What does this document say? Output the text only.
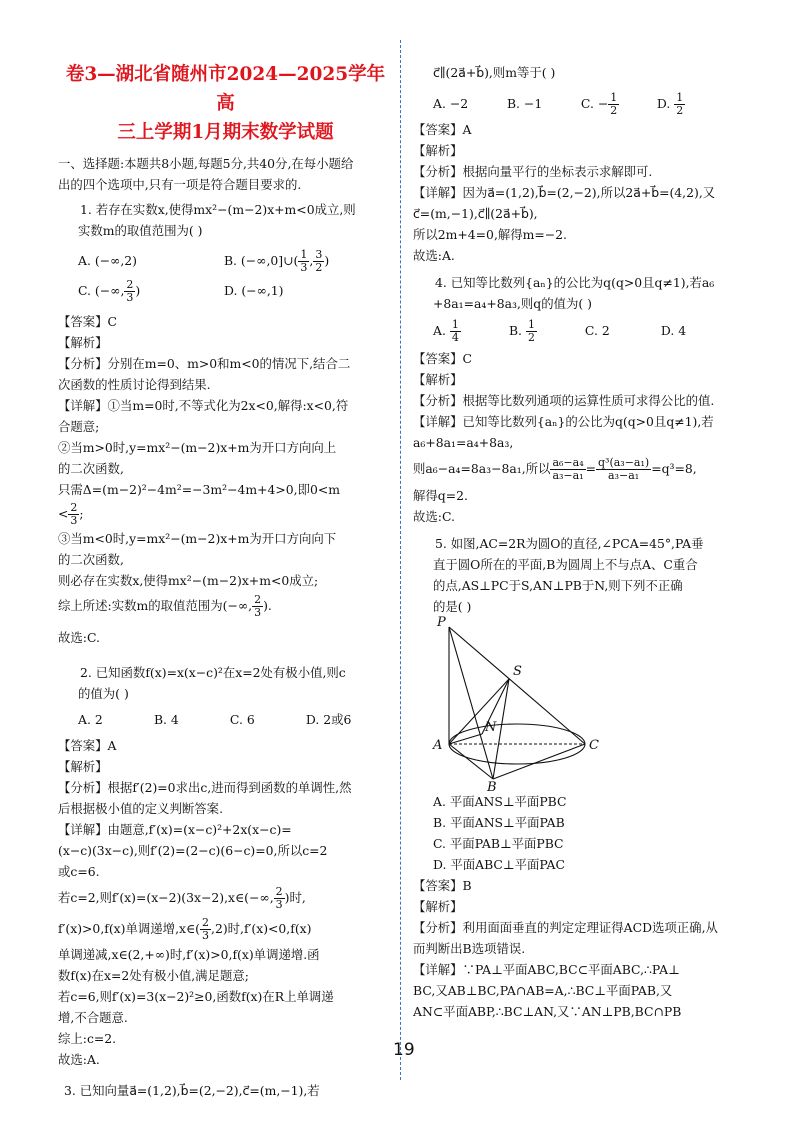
卷3—湖北省随州市2024—2025学年高
三上学期1月期末数学试题
一、选择题:本题共8小题,每题5分,共40分,在每小题给
出的四个选项中,只有一项是符合题目要求的.
1. 若存在实数x,使得mx²−(m−2)x+m<0成立,则
实数m的取值范围为( )
A. (−∞,2)	B. (−∞,0]∪( $\frac{1}{3}$ , $\frac{3}{2}$ )
C. (−∞, $\frac{2}{3}$ )	D. (−∞,1)
【答案】C
【解析】
【分析】分别在m=0、m>0和m<0的情况下,结合二
次函数的性质讨论得到结果.
【详解】①当m=0时,不等式化为2x<0,解得:x<0,符
合题意;
②当m>0时,y=mx²−(m−2)x+m为开口方向向上
的二次函数,
只需Δ=(m−2)²−4m²=−3m²−4m+4>0,即0<m
< $\frac{2}{3}$ ;
③当m<0时,y=mx²−(m−2)x+m为开口方向向下
的二次函数,
则必存在实数x,使得mx²−(m−2)x+m<0成立;
综上所述:实数m的取值范围为(−∞, $\frac{2}{3}$ ).
故选:C.
2. 已知函数f(x)=x(x−c)²在x=2处有极小值,则c
的值为( )
A. 2	B. 4	C. 6	D. 2或6
【答案】A
【解析】
【分析】根据f′(2)=0求出c,进而得到函数的单调性,然
后根据极小值的定义判断答案.
【详解】由题意,f′(x)=(x−c)²+2x(x−c)=
(x−c)(3x−c),则f′(2)=(2−c)(6−c)=0,所以c=2
或c=6.
若c=2,则f′(x)=(x−2)(3x−2),x∈(−∞, $\frac{2}{3}$ )时,
f′(x)>0,f(x)单调递增,x∈( $\frac{2}{3} ,2$)时,f′(x)<0,f(x)
单调递减,x∈(2,+∞)时,f′(x)>0,f(x)单调递增.函
数f(x)在x=2处有极小值,满足题意;
若c=6,则f′(x)=3(x−2)²≥0,函数f(x)在R上单调递
增,不合题意.
综上:c=2.
故选:A.
3. 已知向量a⃗=(1,2),b⃗=(2,−2),c⃗=(m,−1),若
c⃗∥(2a⃗+b⃗),则m等于( )
A. −2	B. −1	C. − $\frac{1}{2}$	D. $\frac{1}{2}$
【答案】A
【解析】
【分析】根据向量平行的坐标表示求解即可.
【详解】因为a⃗=(1,2),b⃗=(2,−2),所以2a⃗+b⃗=(4,2),又
c⃗=(m,−1),c⃗∥(2a⃗+b⃗),
所以2m+4=0,解得m=−2.
故选:A.
4. 已知等比数列{aₙ}的公比为q(q>0且q≠1),若a₆
+8a₁=a₄+8a₃,则q的值为( )
A. $\frac{1}{4}$	B. $\frac{1}{2}$	C. 2	D. 4
【答案】C
【解析】
【分析】根据等比数列通项的运算性质可求得公比的值.
【详解】已知等比数列{aₙ}的公比为q(q>0且q≠1),若
a₆+8a₁=a₄+8a₃,
则a₆−a₄=8a₃−8a₁,所以 $\frac{\text{a₆−a₄}}{\text{a₃−a₁}} = \frac{\text{q³(a₃−a₁)}}{\text{a₃−a₁}} =q^3=8$,
解得q=2.
故选:C.
5. 如图,AC=2R为圆O的直径,∠PCA=45°,PA垂
直于圆O所在的平面,B为圆周上不与点A、C重合
的点,AS⊥PC于S,AN⊥PB于N,则下列不正确
的是( )
P
S
N
A	C
B
A. 平面ANS⊥平面PBC
B. 平面ANS⊥平面PAB
C. 平面PAB⊥平面PBC
D. 平面ABC⊥平面PAC
【答案】B
【解析】
【分析】利用面面垂直的判定定理证得ACD选项正确,从
而判断出B选项错误.
【详解】∵PA⊥平面ABC,BC⊂平面ABC,∴PA⊥
BC,又AB⊥BC,PA∩AB=A,∴BC⊥平面PAB,又
AN⊂平面ABP,∴BC⊥AN,又∵AN⊥PB,BC∩PB
19
